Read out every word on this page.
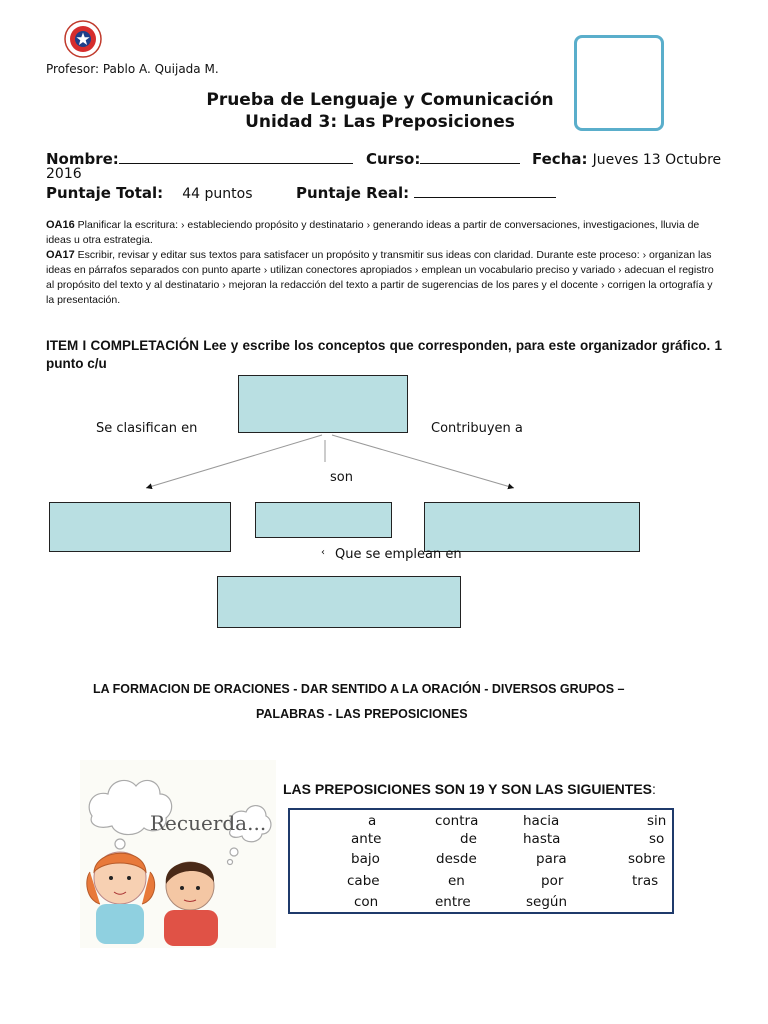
Profesor: Pablo A. Quijada M.
Prueba de Lenguaje y Comunicación
Unidad 3: Las Preposiciones
Nombre:	Curso:	Fecha: Jueves 13 Octubre
2016
Puntaje Total: 44 puntos	Puntaje Real:
OA16 Planificar la escritura: › estableciendo propósito y destinatario › generando ideas a partir de conversaciones, investigaciones, lluvia de ideas u otra estrategia.
OA17 Escribir, revisar y editar sus textos para satisfacer un propósito y transmitir sus ideas con claridad. Durante este proceso: › organizan las ideas en párrafos separados con punto aparte › utilizan conectores apropiados › emplean un vocabulario preciso y variado › adecuan el registro al propósito del texto y al destinatario › mejoran la redacción del texto a partir de sugerencias de los pares y el docente › corrigen la ortografía y la presentación.
ITEM I COMPLETACIÓN Lee y escribe los conceptos que corresponden, para este organizador gráfico. 1 punto c/u
Se clasifican en	Contribuyen a
son
‹ Que se emplean en
LA FORMACION DE ORACIONES - DAR SENTIDO A LA ORACIÓN - DIVERSOS GRUPOS –
PALABRAS - LAS PREPOSICIONES
Recuerda...
LAS PREPOSICIONES SON 19 Y SON LAS SIGUIENTES:
a	contra	hacia	sin
ante	de	hasta	so
bajo	desde	para	sobre
cabe	en	por	tras
con	entre	según
